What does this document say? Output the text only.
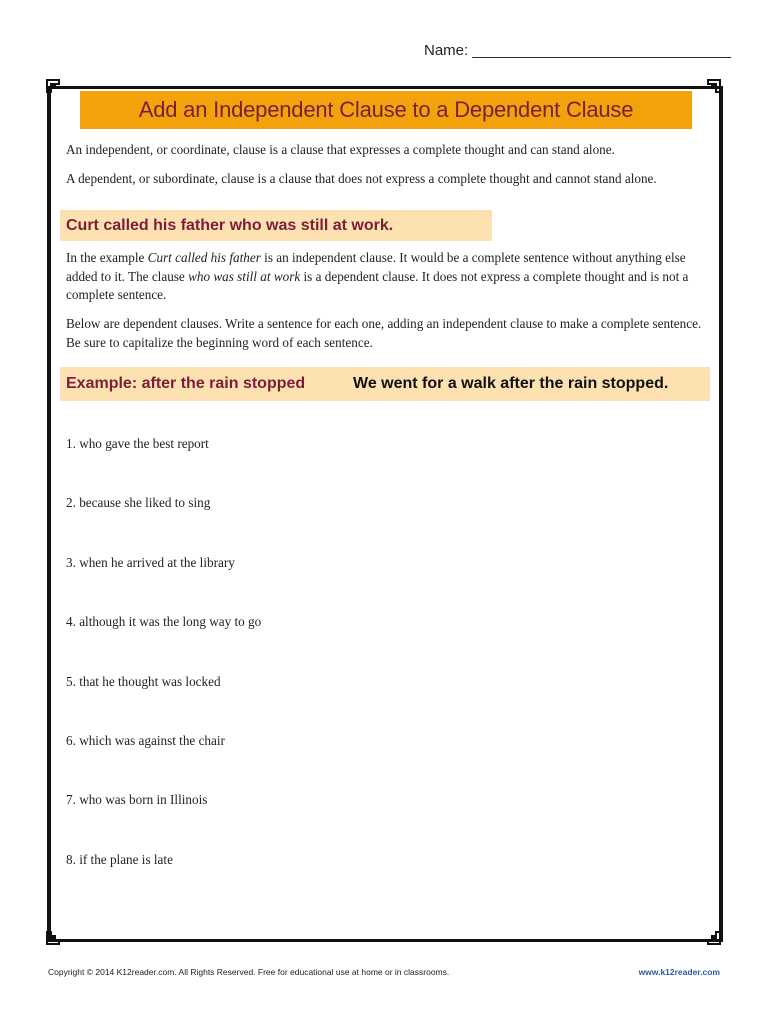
Name: _______________________________
Add an Independent Clause to a Dependent Clause
An independent, or coordinate, clause is a clause that expresses a complete thought and can stand alone.
A dependent, or subordinate, clause is a clause that does not express a complete thought and cannot stand alone.
Curt called his father who was still at work.
In the example Curt called his father is an independent clause. It would be a complete sentence without anything else added to it. The clause who was still at work is a dependent clause. It does not express a complete thought and is not a complete sentence.
Below are dependent clauses. Write a sentence for each one, adding an independent clause to make a complete sentence. Be sure to capitalize the beginning word of each sentence.
Example: after the rain stopped	We went for a walk after the rain stopped.
1. who gave the best report
2. because she liked to sing
3. when he arrived at the library
4. although it was the long way to go
5. that he thought was locked
6. which was against the chair
7. who was born in Illinois
8. if the plane is late
Copyright © 2014 K12reader.com. All Rights Reserved. Free for educational use at home or in classrooms.	www.k12reader.com
